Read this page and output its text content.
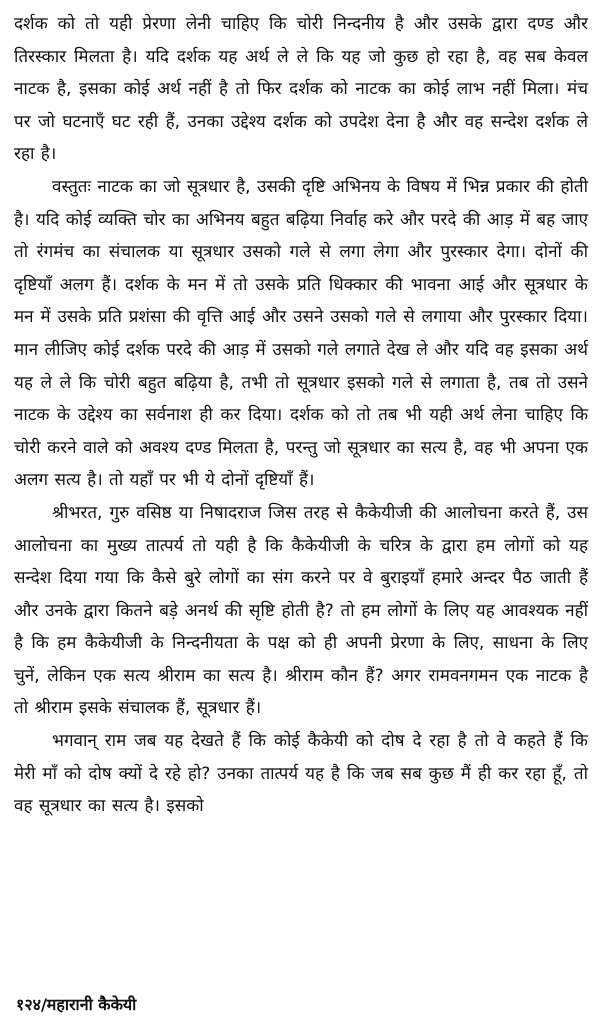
दर्शक को तो यही प्रेरणा लेनी चाहिए कि चोरी निन्दनीय है और उसके द्वारा दण्ड और तिरस्कार मिलता है। यदि दर्शक यह अर्थ ले ले कि यह जो कुछ हो रहा है, वह सब केवल नाटक है, इसका कोई अर्थ नहीं है तो फिर दर्शक को नाटक का कोई लाभ नहीं मिला। मंच पर जो घटनाएँ घट रही हैं, उनका उद्देश्य दर्शक को उपदेश देना है और वह सन्देश दर्शक ले रहा है।

वस्तुतः नाटक का जो सूत्रधार है, उसकी दृष्टि अभिनय के विषय में भिन्न प्रकार की होती है। यदि कोई व्यक्ति चोर का अभिनय बहुत बढ़िया निर्वाह करे और परदे की आड़ में बह जाए तो रंगमंच का संचालक या सूत्रधार उसको गले से लगा लेगा और पुरस्कार देगा। दोनों की दृष्टियाँ अलग हैं। दर्शक के मन में तो उसके प्रति धिक्कार की भावना आई और सूत्रधार के मन में उसके प्रति प्रशंसा की वृत्ति आई और उसने उसको गले से लगाया और पुरस्कार दिया। मान लीजिए कोई दर्शक परदे की आड़ में उसको गले लगाते देख ले और यदि वह इसका अर्थ यह ले ले कि चोरी बहुत बढ़िया है, तभी तो सूत्रधार इसको गले से लगाता है, तब तो उसने नाटक के उद्देश्य का सर्वनाश ही कर दिया। दर्शक को तो तब भी यही अर्थ लेना चाहिए कि चोरी करने वाले को अवश्य दण्ड मिलता है, परन्तु जो सूत्रधार का सत्य है, वह भी अपना एक अलग सत्य है। तो यहाँ पर भी ये दोनों दृष्टियाँ हैं।

श्रीभरत, गुरु वसिष्ठ या निषादराज जिस तरह से कैकेयीजी की आलोचना करते हैं, उस आलोचना का मुख्य तात्पर्य तो यही है कि कैकेयीजी के चरित्र के द्वारा हम लोगों को यह सन्देश दिया गया कि कैसे बुरे लोगों का संग करने पर वे बुराइयाँ हमारे अन्दर पैठ जाती हैं और उनके द्वारा कितने बड़े अनर्थ की सृष्टि होती है? तो हम लोगों के लिए यह आवश्यक नहीं है कि हम कैकेयीजी के निन्दनीयता के पक्ष को ही अपनी प्रेरणा के लिए, साधना के लिए चुनें, लेकिन एक सत्य श्रीराम का सत्य है। श्रीराम कौन हैं? अगर रामवनगमन एक नाटक है तो श्रीराम इसके संचालक हैं, सूत्रधार हैं।

भगवान् राम जब यह देखते हैं कि कोई कैकेयी को दोष दे रहा है तो वे कहते हैं कि मेरी माँ को दोष क्यों दे रहे हो? उनका तात्पर्य यह है कि जब सब कुछ मैं ही कर रहा हूँ, तो वह सूत्रधार का सत्य है। इसको

१२४/महारानी कैकेयी
